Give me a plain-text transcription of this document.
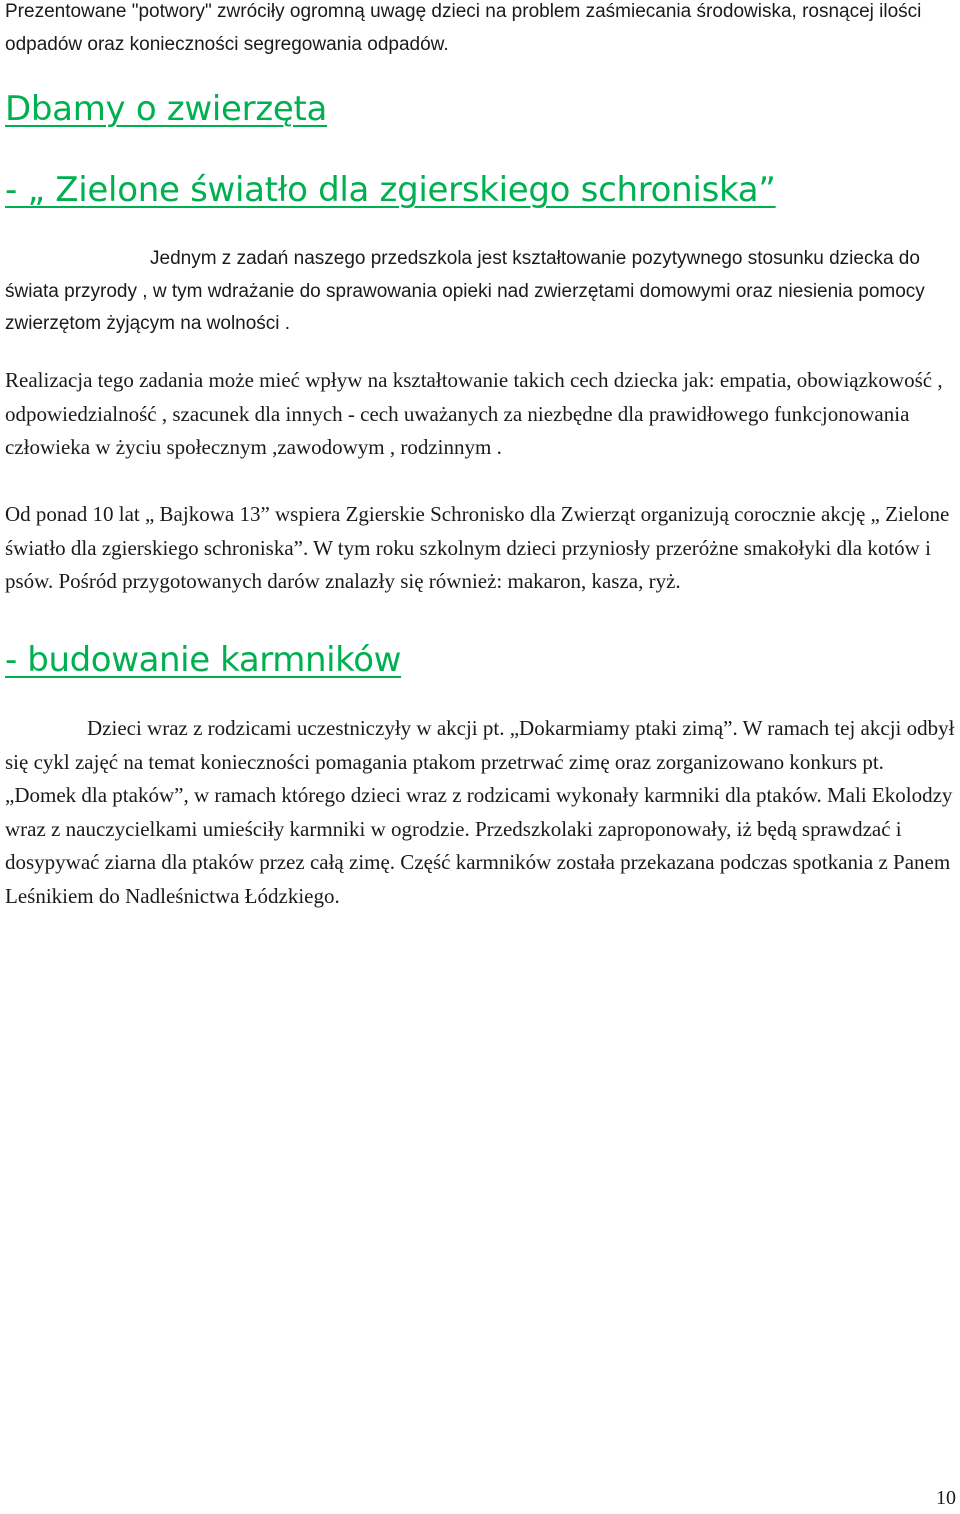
Prezentowane "potwory" zwróciły ogromną uwagę dzieci na problem zaśmiecania środowiska, rosnącej ilości odpadów oraz konieczności segregowania odpadów.

Dbamy o zwierzęta
- „ Zielone światło dla zgierskiego schroniska”

Jednym z zadań naszego przedszkola jest kształtowanie pozytywnego stosunku dziecka do świata przyrody , w tym wdrażanie do sprawowania opieki nad zwierzętami domowymi oraz niesienia pomocy zwierzętom żyjącym na wolności .

Realizacja tego zadania może mieć wpływ na kształtowanie takich cech dziecka jak: empatia, obowiązkowość , odpowiedzialność , szacunek dla innych - cech uważanych za niezbędne dla prawidłowego funkcjonowania człowieka w życiu społecznym ,zawodowym , rodzinnym .

Od ponad 10 lat „ Bajkowa 13” wspiera Zgierskie Schronisko dla Zwierząt organizują corocznie akcję „ Zielone światło dla zgierskiego schroniska”. W tym roku szkolnym dzieci przyniosły przeróżne smakołyki dla kotów i psów. Pośród przygotowanych darów znalazły się również: makaron, kasza, ryż.

- budowanie karmników

Dzieci wraz z rodzicami uczestniczyły w akcji pt. „Dokarmiamy ptaki zimą”. W ramach tej akcji odbył się cykl zajęć na temat konieczności pomagania ptakom przetrwać zimę oraz zorganizowano konkurs pt. „Domek dla ptaków”, w ramach którego dzieci wraz z rodzicami wykonały karmniki dla ptaków. Mali Ekolodzy wraz z nauczycielkami umieściły karmniki w ogrodzie. Przedszkolaki zaproponowały, iż będą sprawdzać i dosypywać ziarna dla ptaków przez całą zimę. Część karmników została przekazana podczas spotkania z Panem Leśnikiem do Nadleśnictwa Łódzkiego.

10
